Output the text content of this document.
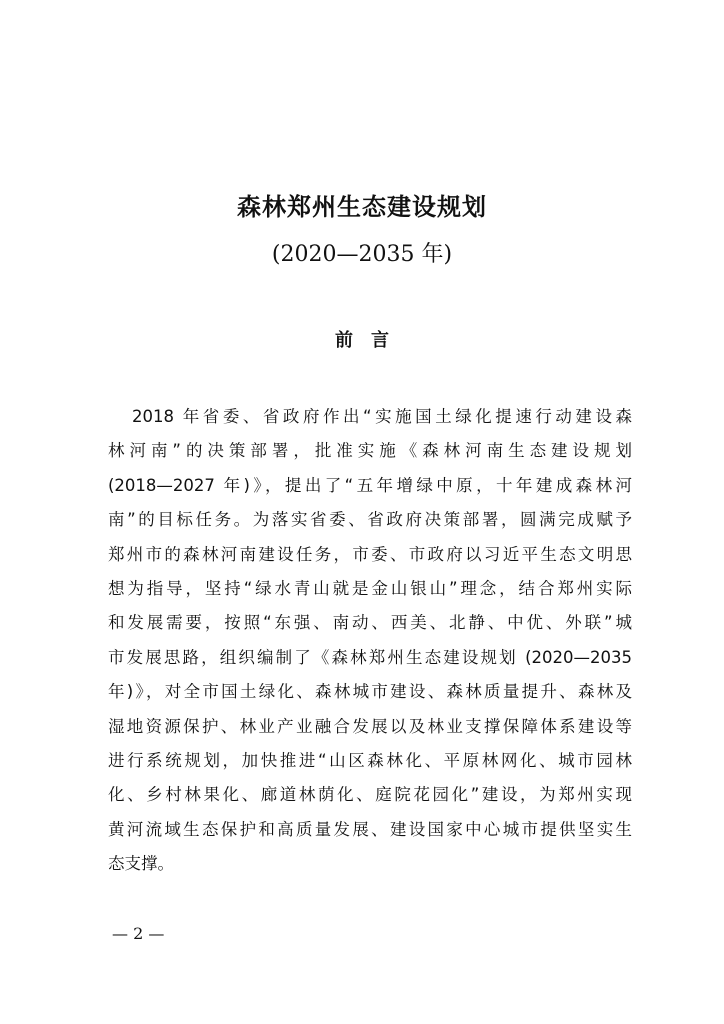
森林郑州生态建设规划
(2020—2035 年)
前言
2018 年省委、省政府作出“实施国土绿化提速行动建设森
林河南”的决策部署，批准实施《森林河南生态建设规划
(2018—2027 年)》，提出了“五年增绿中原，十年建成森林河
南”的目标任务。为落实省委、省政府决策部署，圆满完成赋予
郑州市的森林河南建设任务，市委、市政府以习近平生态文明思
想为指导，坚持“绿水青山就是金山银山”理念，结合郑州实际
和发展需要，按照“东强、南动、西美、北静、中优、外联”城
市发展思路，组织编制了《森林郑州生态建设规划 (2020—2035
年)》，对全市国土绿化、森林城市建设、森林质量提升、森林及
湿地资源保护、林业产业融合发展以及林业支撑保障体系建设等
进行系统规划，加快推进“山区森林化、平原林网化、城市园林
化、乡村林果化、廊道林荫化、庭院花园化”建设，为郑州实现
黄河流域生态保护和高质量发展、建设国家中心城市提供坚实生
态支撑。
— 2 —
